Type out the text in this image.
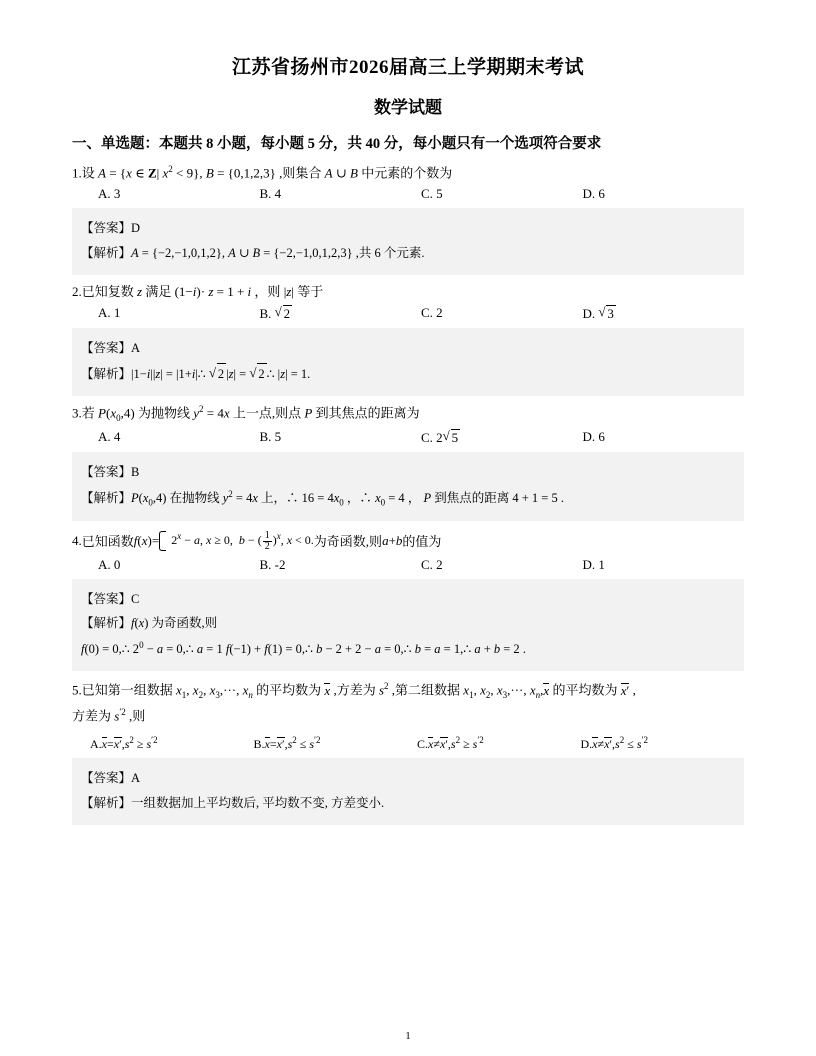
江苏省扬州市2026届高三上学期期末考试
数学试题
一、单选题：本题共 8 小题，每小题 5 分，共 40 分，每小题只有一个选项符合要求
1.设 A = {x ∈ Z| $x^2 < 9$}, B = {0,1,2,3} ,则集合 A ∪ B 中元素的个数为
A. 3	B. 4	C. 5	D. 6
【答案】D
【解析】A = {−2,−1,0,1,2}, A ∪ B = {−2,−1,0,1,2,3} ,共 6 个元素.
2.已知复数 z 满足 (1−i)· z = 1 + i ，则 |z| 等于
A. 1	B. √ 2	C. 2	D. √ 3
【答案】A
【解析】|1−i||z| = |1+i|∴ √ 2 |z| = √ 2 ∴ |z| = 1.
3.若 $P(x_0,4)$ 为抛物线 $y^2 = 4x$ 上一点,则点 P 到其焦点的距离为
A. 4	B. 5	C. 2 √ 5	D. 6
【答案】B
【解析】$P(x_0,4)$ 在抛物线 $y^2 = 4x$ 上，∴ $16 = 4x_0$ ，∴ $x_0 = 4$ ， P 到焦点的距离 4 + 1 = 5 .
4. 已知函数 f ( x ) =	$2^x - a$, x ≥ 0, b − ( $\frac{1}{2} )^x$, x < 0. 为奇函数,则 a + b 的值为
A. 0	B. -2	C. 2	D. 1
【答案】C
【解析】f(x) 为奇函数,则
f(0) = 0,∴ $2^0 - a$ = 0,∴ a = 1 f(−1) + f(1) = 0,∴ b − 2 + 2 − a = 0,∴ b = a = 1,∴ a + b = 2 .
5.已知第一组数据 $x_1$, $x_2$, $x_3,\cdot\cdot\cdot$, $x_n$ 的平均数为 x ,方差为 $s^2$ ,第二组数据 $x_1$, $x_2$, $x_3,\cdot\cdot\cdot$, $x_n,x$ 的平均数为 x′ ,
方差为 $s^{'2}$ ,则
$A.x=x',s^2 \ge s^{'2}$	$B.x=x',s^2 \le s^{'2}$	$C.x\ne x',s^2 \ge s^{'2}$	$D.x\ne x',s^2 \le s^{'2}$
【答案】A
【解析】一组数据加上平均数后, 平均数不变, 方差变小.
1
